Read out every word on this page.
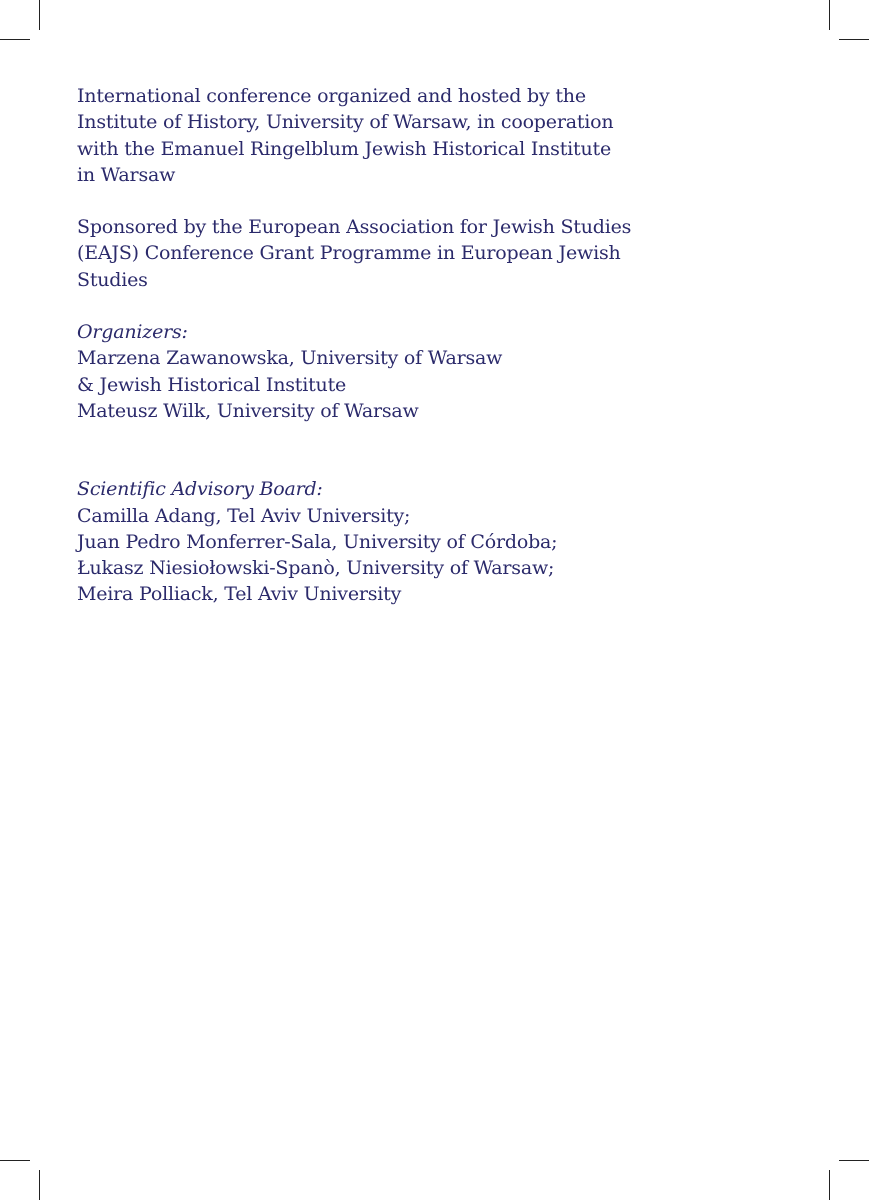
International conference organized and hosted by the
Institute of History, University of Warsaw, in cooperation
with the Emanuel Ringelblum Jewish Historical Institute
in Warsaw

Sponsored by the European Association for Jewish Studies
(EAJS) Conference Grant Programme in European Jewish
Studies

Organizers:
Marzena Zawanowska, University of Warsaw
& Jewish Historical Institute
Mateusz Wilk, University of Warsaw
Scientific Advisory Board:
Camilla Adang, Tel Aviv University;
Juan Pedro Monferrer-Sala, University of Córdoba;
Łukasz Niesiołowski-Spanò, University of Warsaw;
Meira Polliack, Tel Aviv University
